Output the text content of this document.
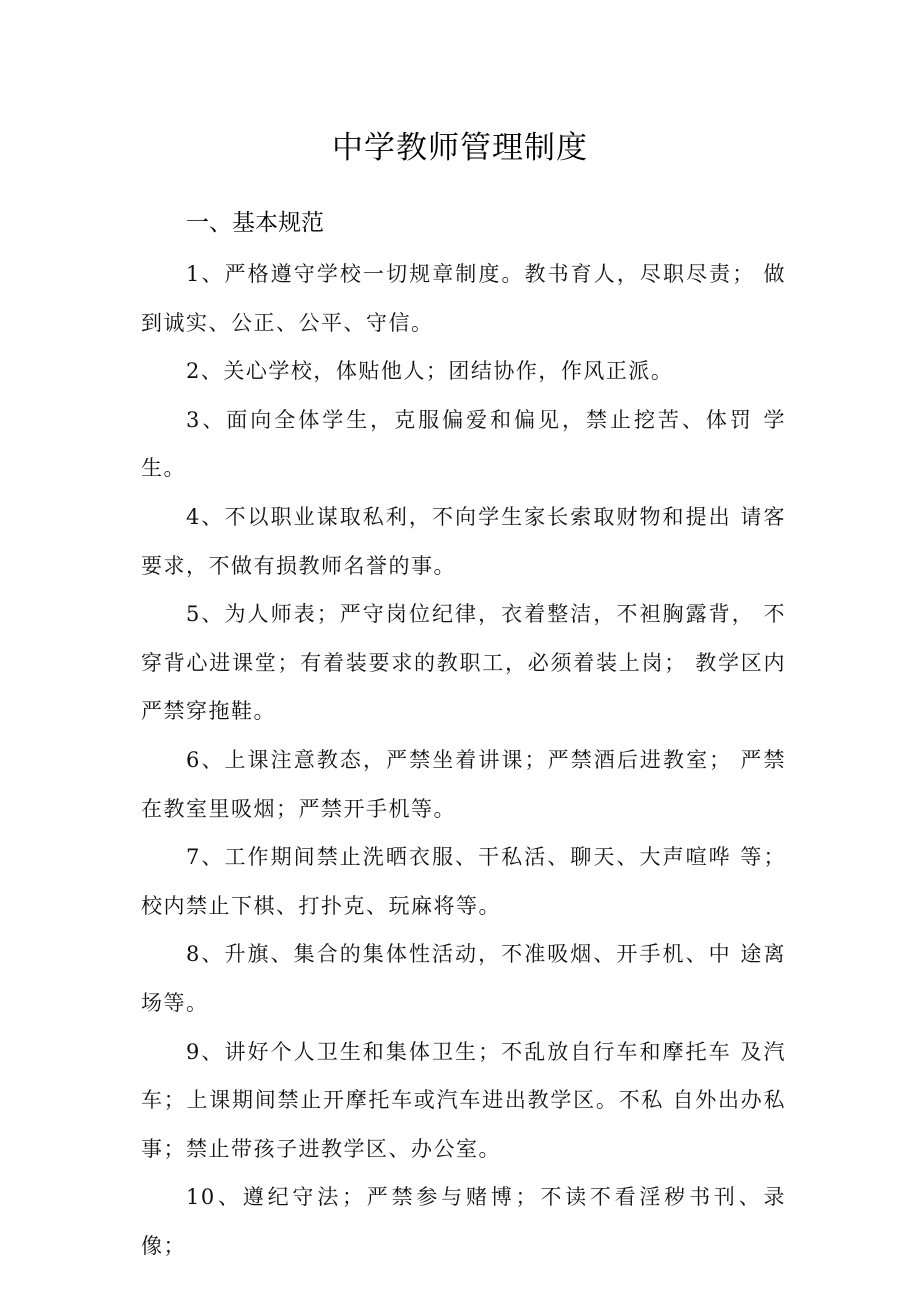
中学教师管理制度
一、基本规范

1、严格遵守学校一切规章制度。教书育人，尽职尽责； 做到诚实、公正、公平、守信。

2、关心学校，体贴他人；团结协作，作风正派。

3、面向全体学生，克服偏爱和偏见，禁止挖苦、体罚 学生。

4、不以职业谋取私利，不向学生家长索取财物和提出 请客要求，不做有损教师名誉的事。

5、为人师表；严守岗位纪律，衣着整洁，不袒胸露背， 不穿背心进课堂；有着装要求的教职工，必须着装上岗； 教学区内严禁穿拖鞋。

6、上课注意教态，严禁坐着讲课；严禁酒后进教室； 严禁在教室里吸烟；严禁开手机等。

7、工作期间禁止洗晒衣服、干私活、聊天、大声喧哗 等；校内禁止下棋、打扑克、玩麻将等。

8、升旗、集合的集体性活动，不准吸烟、开手机、中 途离场等。

9、讲好个人卫生和集体卫生；不乱放自行车和摩托车 及汽车；上课期间禁止开摩托车或汽车进出教学区。不私 自外出办私事；禁止带孩子进教学区、办公室。

10、遵纪守法；严禁参与赌博；不读不看淫秽书刊、录 像；
